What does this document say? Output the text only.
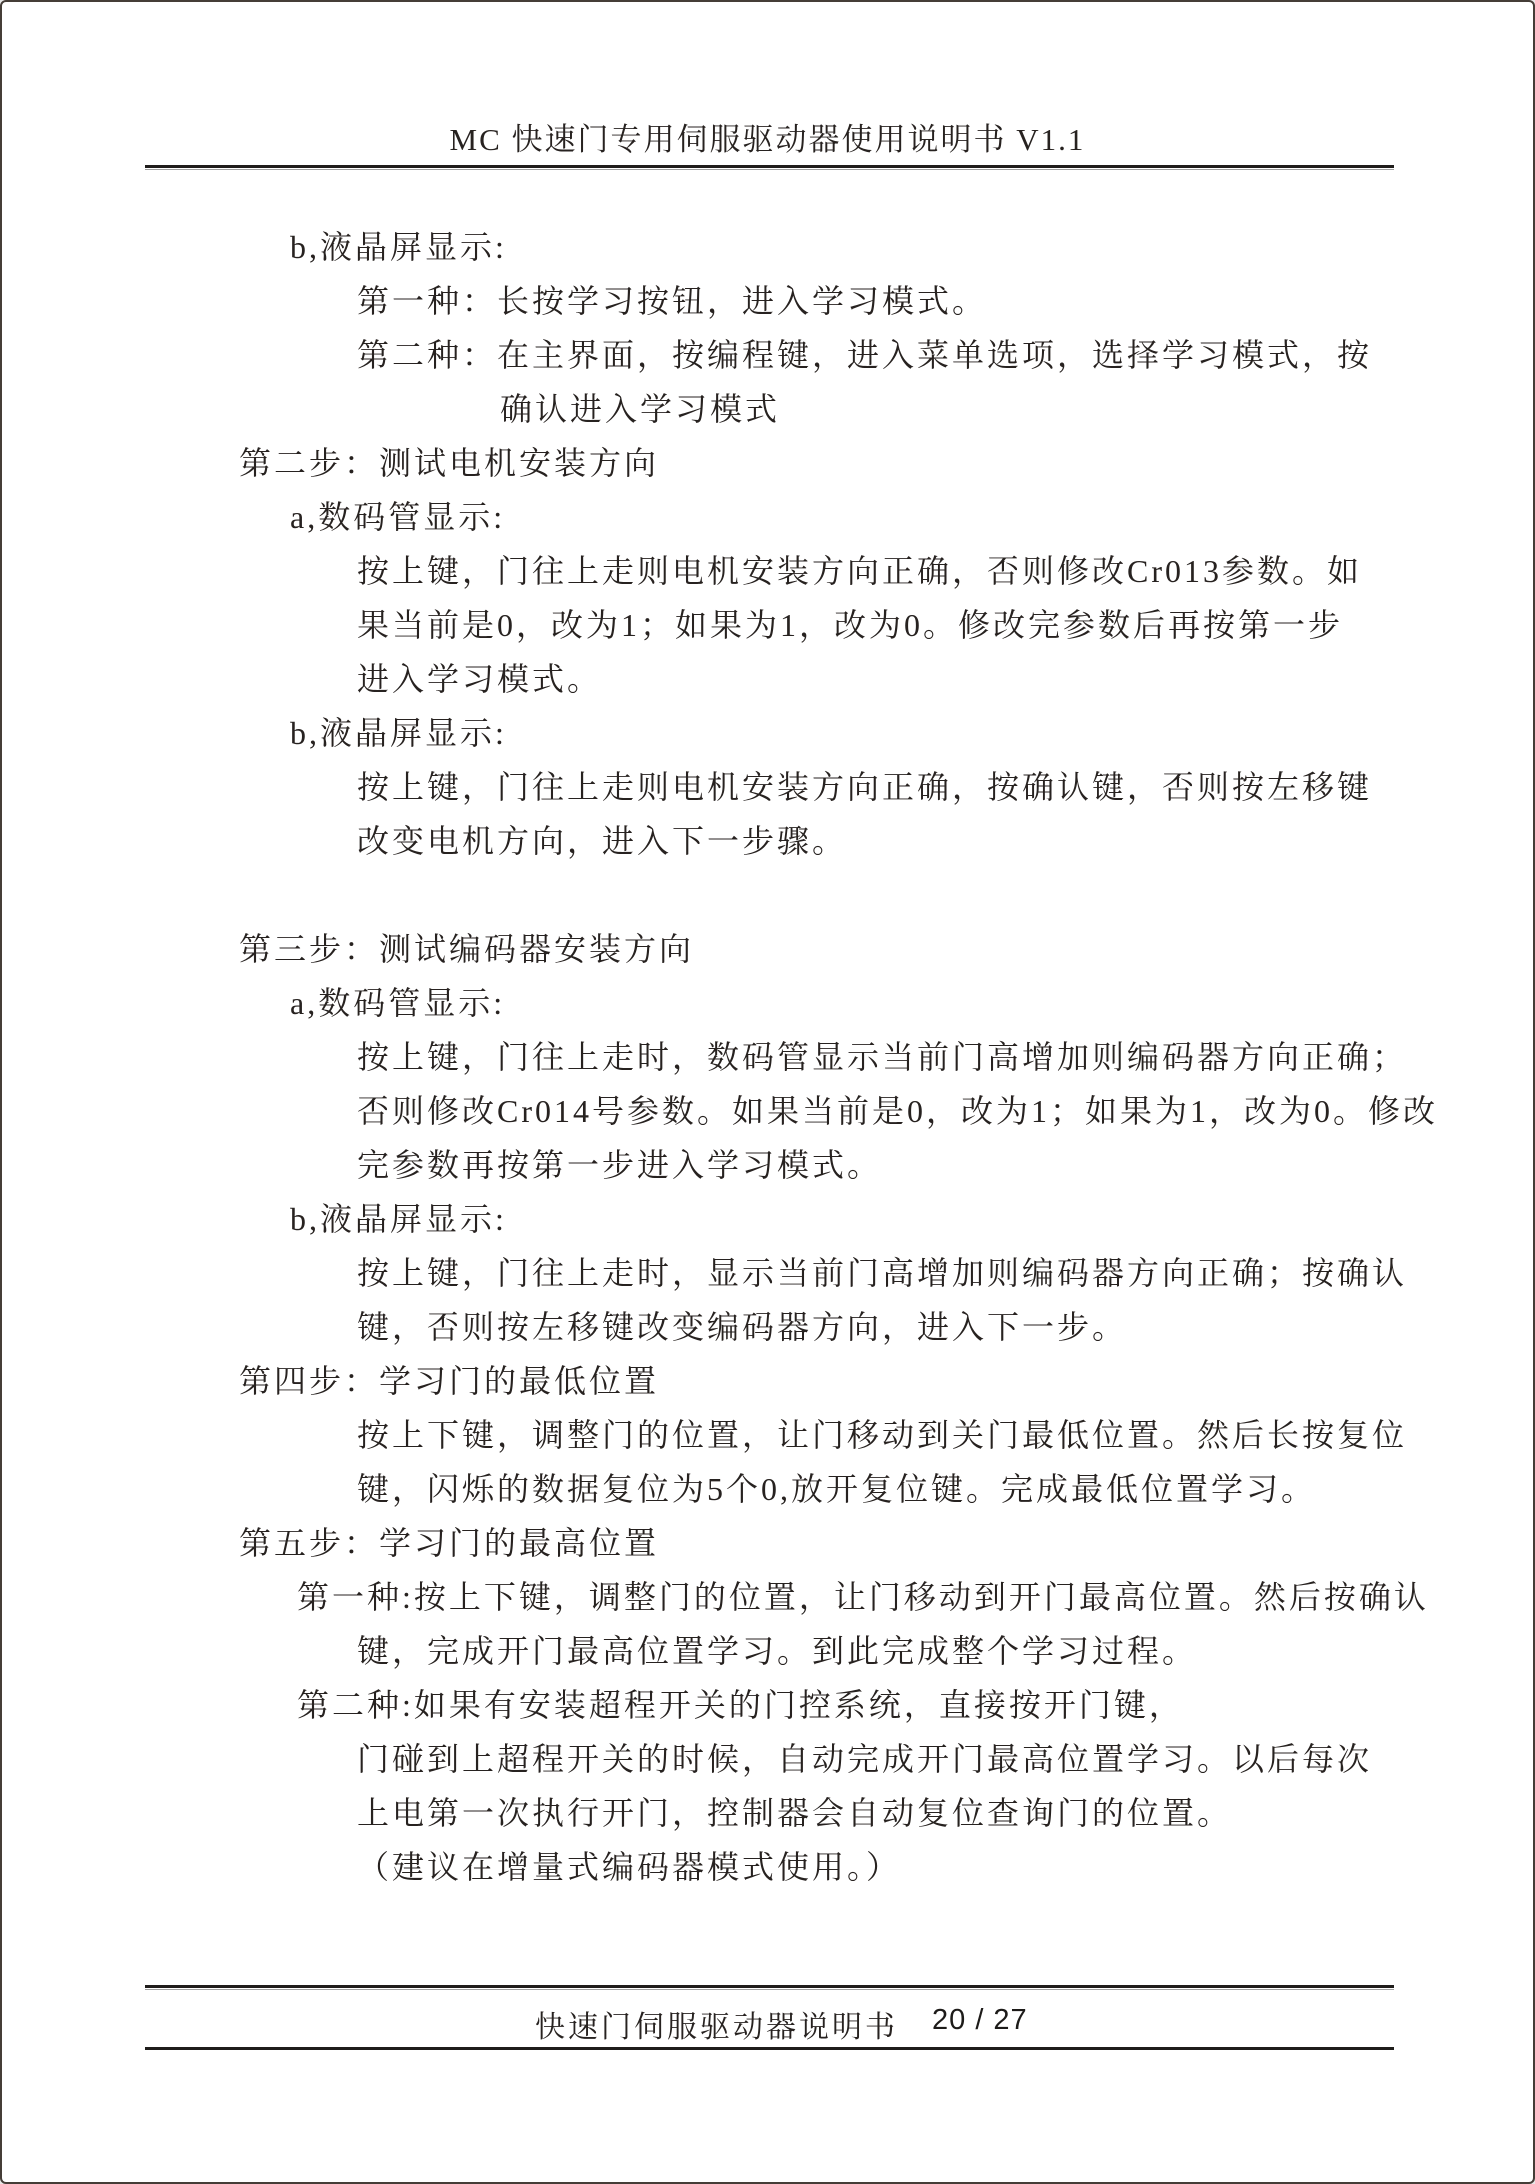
MC 快速门专用伺服驱动器使用说明书 V1.1
b,液晶屏显示:
第一种：长按学习按钮，进入学习模式。
第二种：在主界面，按编程键，进入菜单选项，选择学习模式，按
确认进入学习模式
第二步：测试电机安装方向
a,数码管显示:
按上键，门往上走则电机安装方向正确，否则修改Cr013参数。如
果当前是0，改为1；如果为1，改为0。修改完参数后再按第一步
进入学习模式。
b,液晶屏显示:
按上键，门往上走则电机安装方向正确，按确认键，否则按左移键
改变电机方向，进入下一步骤。
第三步：测试编码器安装方向
a,数码管显示:
按上键，门往上走时，数码管显示当前门高增加则编码器方向正确；
否则修改Cr014号参数。如果当前是0，改为1；如果为1，改为0。修改
完参数再按第一步进入学习模式。
b,液晶屏显示:
按上键，门往上走时，显示当前门高增加则编码器方向正确；按确认
键，否则按左移键改变编码器方向，进入下一步。
第四步：学习门的最低位置
按上下键，调整门的位置，让门移动到关门最低位置。然后长按复位
键，闪烁的数据复位为5个0,放开复位键。完成最低位置学习。
第五步：学习门的最高位置
第一种:按上下键，调整门的位置，让门移动到开门最高位置。然后按确认
键，完成开门最高位置学习。到此完成整个学习过程。
第二种:如果有安装超程开关的门控系统，直接按开门键，
门碰到上超程开关的时候，自动完成开门最高位置学习。以后每次
上电第一次执行开门，控制器会自动复位查询门的位置。
（建议在增量式编码器模式使用。）
快速门伺服驱动器说明书 20 / 27
